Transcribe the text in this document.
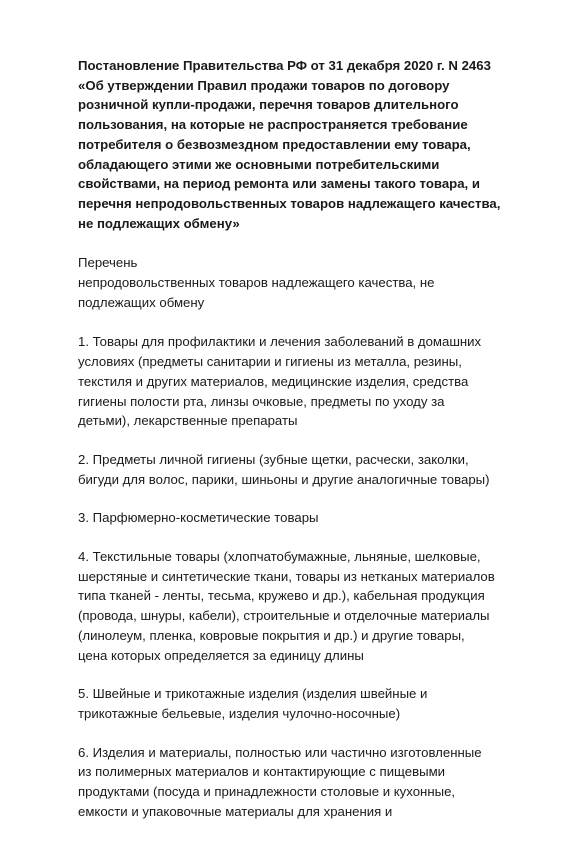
Постановление Правительства РФ от 31 декабря 2020 г. N 2463
«Об утверждении Правил продажи товаров по договору
розничной купли-продажи, перечня товаров длительного
пользования, на которые не распространяется требование
потребителя о безвозмездном предоставлении ему товара,
обладающего этими же основными потребительскими
свойствами, на период ремонта или замены такого товара, и
перечня непродовольственных товаров надлежащего качества,
не подлежащих обмену»
Перечень
непродовольственных товаров надлежащего качества, не
подлежащих обмену
1. Товары для профилактики и лечения заболеваний в домашних
условиях (предметы санитарии и гигиены из металла, резины,
текстиля и других материалов, медицинские изделия, средства
гигиены полости рта, линзы очковые, предметы по уходу за
детьми), лекарственные препараты
2. Предметы личной гигиены (зубные щетки, расчески, заколки,
бигуди для волос, парики, шиньоны и другие аналогичные товары)
3. Парфюмерно-косметические товары
4. Текстильные товары (хлопчатобумажные, льняные, шелковые,
шерстяные и синтетические ткани, товары из нетканых материалов
типа тканей - ленты, тесьма, кружево и др.), кабельная продукция
(провода, шнуры, кабели), строительные и отделочные материалы
(линолеум, пленка, ковровые покрытия и др.) и другие товары,
цена которых определяется за единицу длины
5. Швейные и трикотажные изделия (изделия швейные и
трикотажные бельевые, изделия чулочно-носочные)
6. Изделия и материалы, полностью или частично изготовленные
из полимерных материалов и контактирующие с пищевыми
продуктами (посуда и принадлежности столовые и кухонные,
емкости и упаковочные материалы для хранения и
